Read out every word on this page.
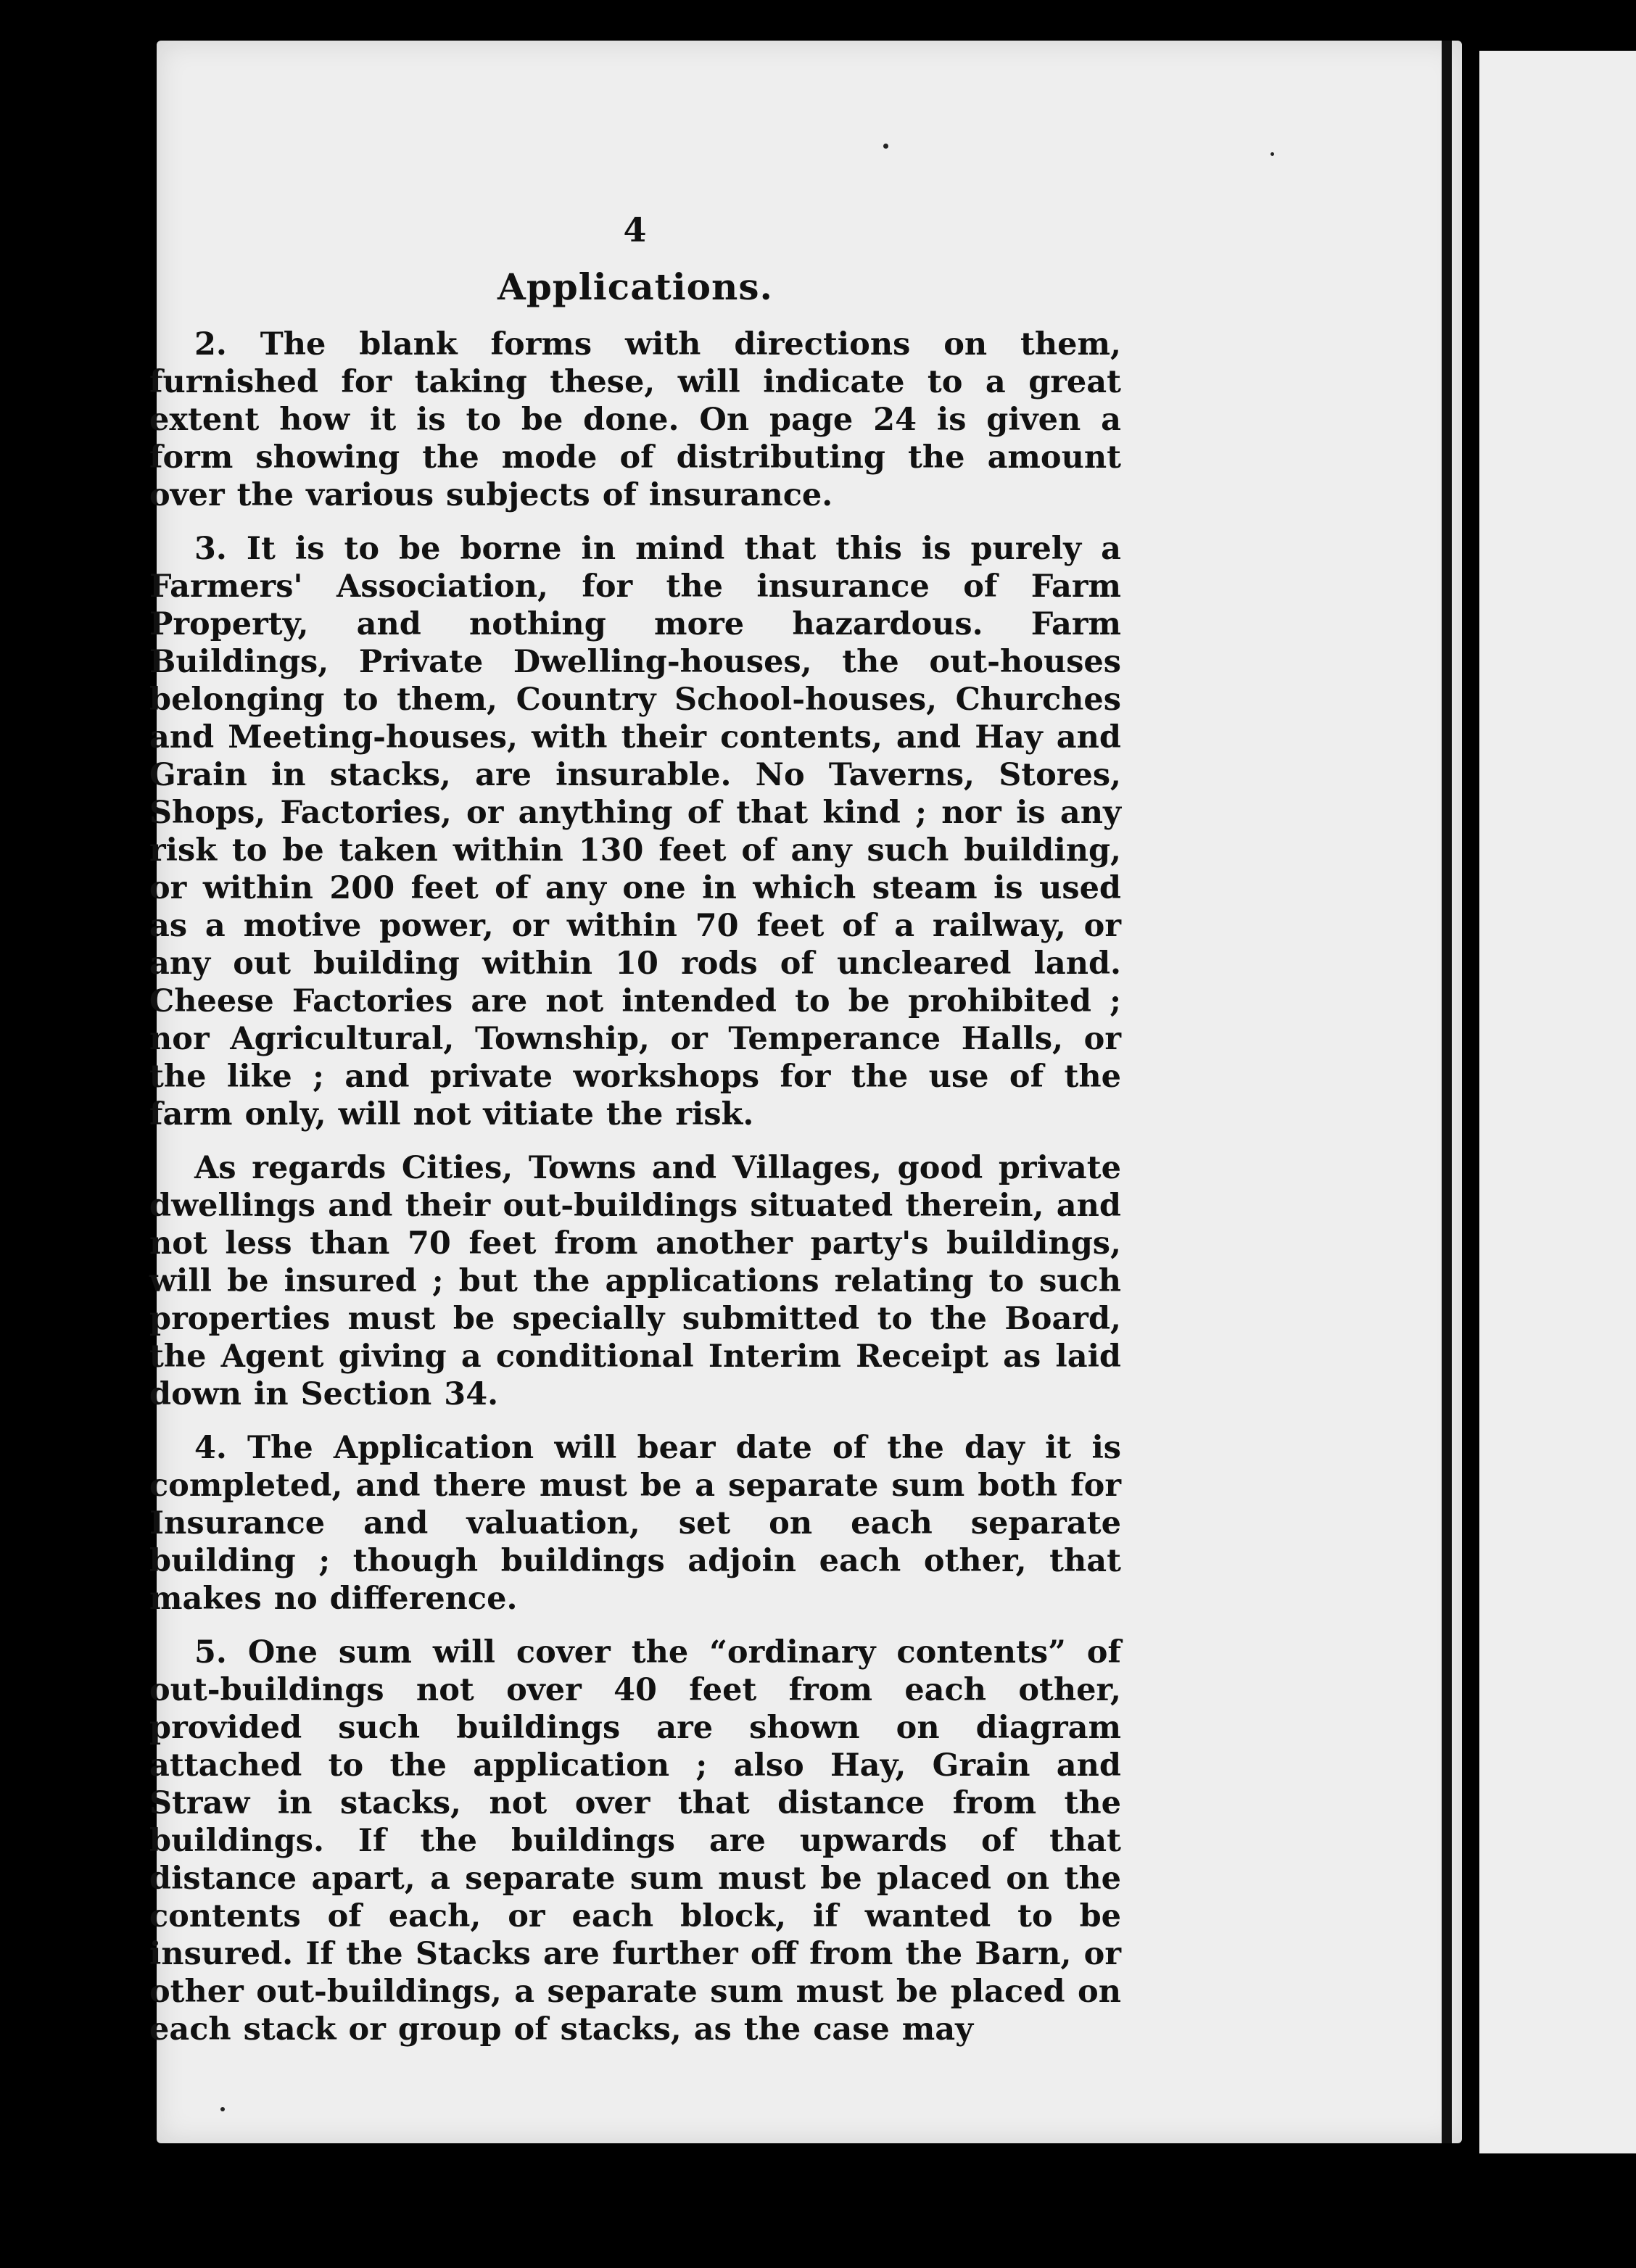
4
Applications.

2. The blank forms with directions on them, furnished for taking these, will indicate to a great extent how it is to be done. On page 24 is given a form showing the mode of distributing the amount over the various subjects of insurance.

3. It is to be borne in mind that this is purely a Farmers' Association, for the insurance of Farm Property, and nothing more hazardous. Farm Buildings, Private Dwelling-houses, the out-houses belonging to them, Country School-houses, Churches and Meeting-houses, with their contents, and Hay and Grain in stacks, are insurable. No Taverns, Stores, Shops, Factories, or anything of that kind ; nor is any risk to be taken within 130 feet of any such building, or within 200 feet of any one in which steam is used as a motive power, or within 70 feet of a railway, or any out building within 10 rods of uncleared land. Cheese Factories are not intended to be prohibited ; nor Agricultural, Township, or Temperance Halls, or the like ; and private workshops for the use of the farm only, will not vitiate the risk.

As regards Cities, Towns and Villages, good private dwellings and their out-buildings situated therein, and not less than 70 feet from another party's buildings, will be insured ; but the applications relating to such properties must be specially submitted to the Board, the Agent giving a conditional Interim Receipt as laid down in Section 34.

4. The Application will bear date of the day it is completed, and there must be a separate sum both for Insurance and valuation, set on each separate building ; though buildings adjoin each other, that makes no difference.

5. One sum will cover the “ordinary contents” of out-buildings not over 40 feet from each other, provided such buildings are shown on diagram attached to the application ; also Hay, Grain and Straw in stacks, not over that distance from the buildings. If the buildings are upwards of that distance apart, a separate sum must be placed on the contents of each, or each block, if wanted to be insured. If the Stacks are further off from the Barn, or other out-buildings, a separate sum must be placed on each stack or group of stacks, as the case may
